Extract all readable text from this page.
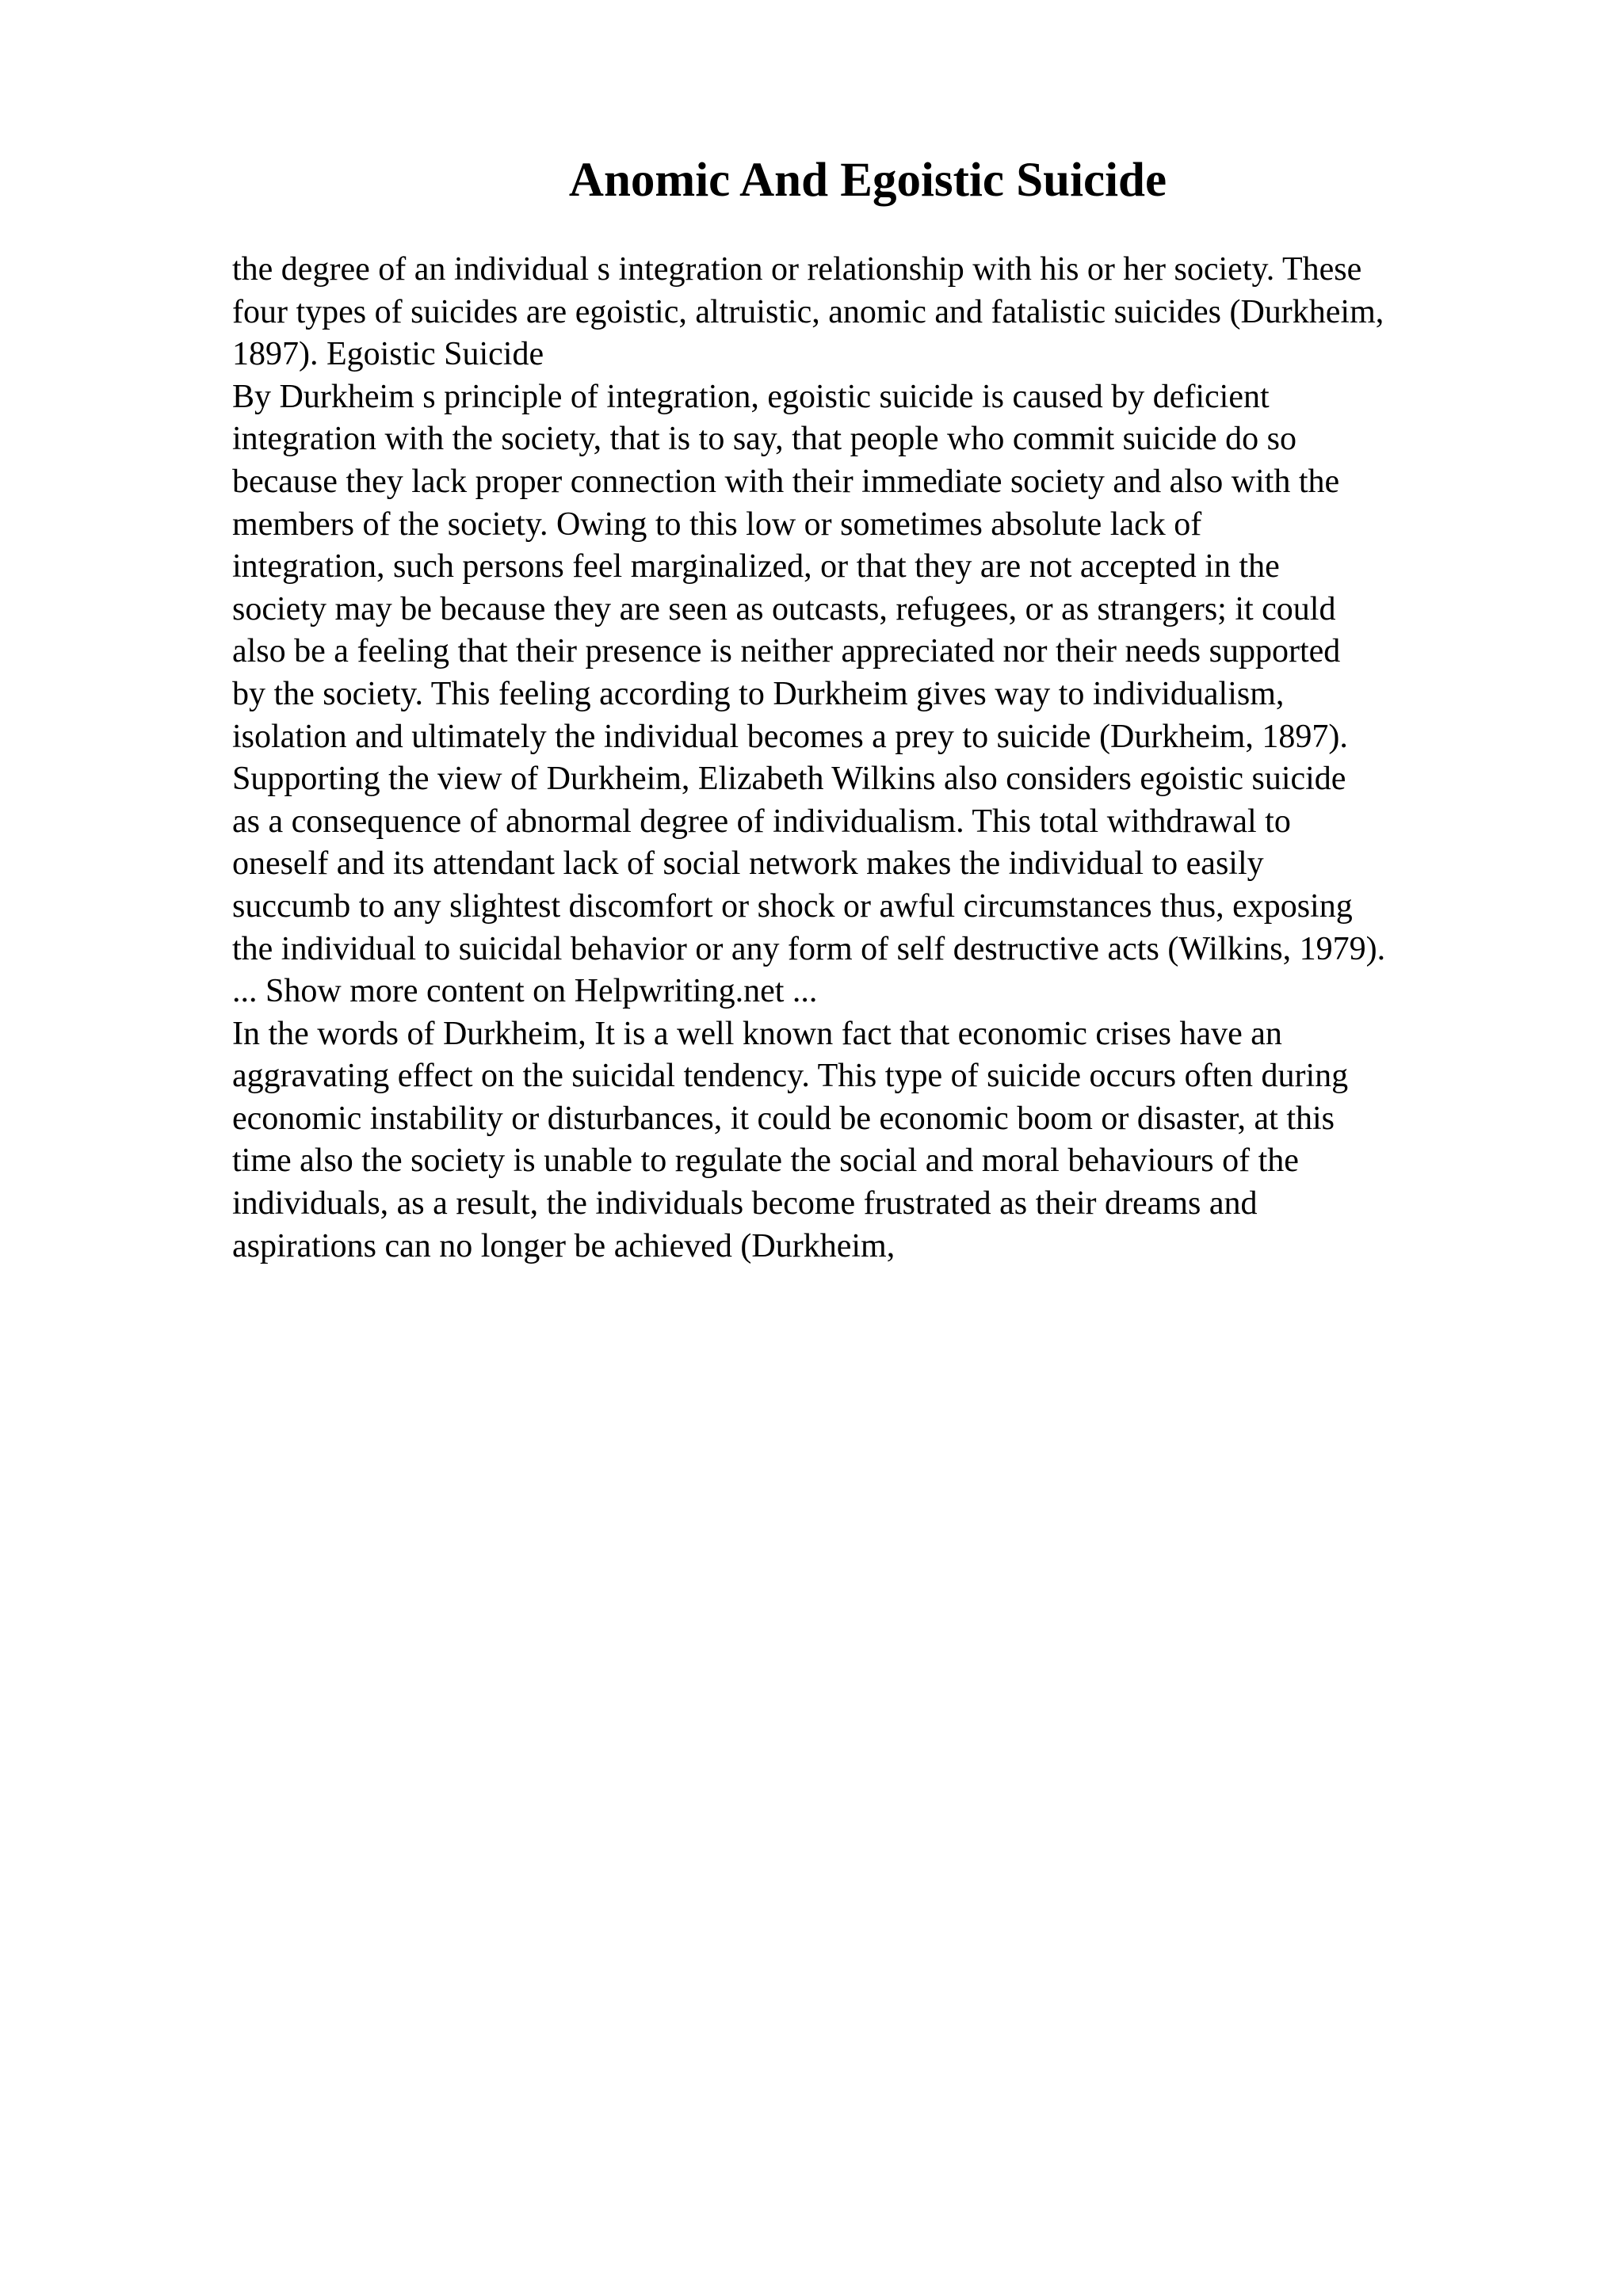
Anomic And Egoistic Suicide
the degree of an individual s integration or relationship with his or her society. These
four types of suicides are egoistic, altruistic, anomic and fatalistic suicides (Durkheim,
1897). Egoistic Suicide
By Durkheim s principle of integration, egoistic suicide is caused by deficient
integration with the society, that is to say, that people who commit suicide do so
because they lack proper connection with their immediate society and also with the
members of the society. Owing to this low or sometimes absolute lack of
integration, such persons feel marginalized, or that they are not accepted in the
society may be because they are seen as outcasts, refugees, or as strangers; it could
also be a feeling that their presence is neither appreciated nor their needs supported
by the society. This feeling according to Durkheim gives way to individualism,
isolation and ultimately the individual becomes a prey to suicide (Durkheim, 1897).
Supporting the view of Durkheim, Elizabeth Wilkins also considers egoistic suicide
as a consequence of abnormal degree of individualism. This total withdrawal to
oneself and its attendant lack of social network makes the individual to easily
succumb to any slightest discomfort or shock or awful circumstances thus, exposing
the individual to suicidal behavior or any form of self destructive acts (Wilkins, 1979).
... Show more content on Helpwriting.net ...
In the words of Durkheim, It is a well known fact that economic crises have an
aggravating effect on the suicidal tendency. This type of suicide occurs often during
economic instability or disturbances, it could be economic boom or disaster, at this
time also the society is unable to regulate the social and moral behaviours of the
individuals, as a result, the individuals become frustrated as their dreams and
aspirations can no longer be achieved (Durkheim,
